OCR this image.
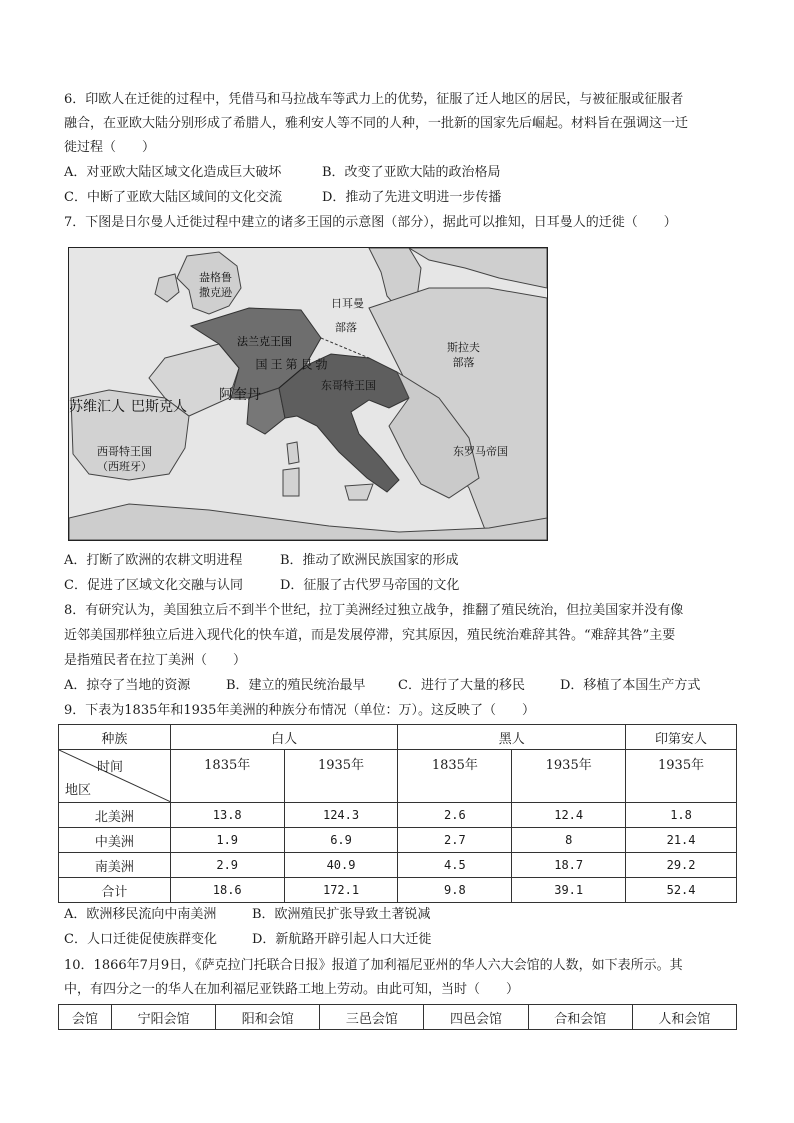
6．印欧人在迁徙的过程中，凭借马和马拉战车等武力上的优势，征服了迁人地区的居民，与被征服或征服者
融合，在亚欧大陆分别形成了希腊人，雅利安人等不同的人种，一批新的国家先后崛起。材料旨在强调这一迁
徙过程（　　）
A．对亚欧大陆区域文化造成巨大破坏	B．改变了亚欧大陆的政治格局
C．中断了亚欧大陆区域间的文化交流	D．推动了先进文明进一步传播
7．下图是日尔曼人迁徙过程中建立的诸多王国的示意图（部分），据此可以推知，日耳曼人的迁徙（　　）
盎格鲁
撒克逊
日耳曼
部落
斯拉夫
部落
法兰克王国
勃
艮
第
王
国
阿奎丹
苏维汇人 巴斯克人
东哥特王国
西哥特王国
（西班牙）
东罗马帝国
A．打断了欧洲的农耕文明进程	B．推动了欧洲民族国家的形成
C．促进了区域文化交融与认同	D．征服了古代罗马帝国的文化
8．有研究认为，美国独立后不到半个世纪，拉丁美洲经过独立战争，推翻了殖民统治，但拉美国家并没有像
近邻美国那样独立后进入现代化的快车道，而是发展停滞，究其原因，殖民统治难辞其咎。“难辞其咎”主要
是指殖民者在拉丁美洲（　　）
A．掠夺了当地的资源	B．建立的殖民统治最早 C．进行了大量的移民	D．移植了本国生产方式
9．下表为1835年和1935年美洲的种族分布情况（单位：万）。这反映了（　　）
种族	白人		黑人		印第安人

时间
地区	1835年	1935年	1835年	1935年	1935年
北美洲	13.8	124.3	2.6	12.4	1.8
中美洲	1.9	6.9	2.7	8	21.4
南美洲	2.9	40.9	4.5	18.7	29.2
合计	18.6	172.1	9.8	39.1	52.4
A．欧洲移民流向中南美洲	B．欧洲殖民扩张导致土著锐减
C．人口迁徙促使族群变化	D．新航路开辟引起人口大迁徙
10．1866年7月9日，《萨克拉门托联合日报》报道了加利福尼亚州的华人六大会馆的人数，如下表所示。其
中，有四分之一的华人在加利福尼亚铁路工地上劳动。由此可知，当时（　　）
会馆	宁阳会馆	阳和会馆	三邑会馆	四邑会馆	合和会馆	人和会馆
